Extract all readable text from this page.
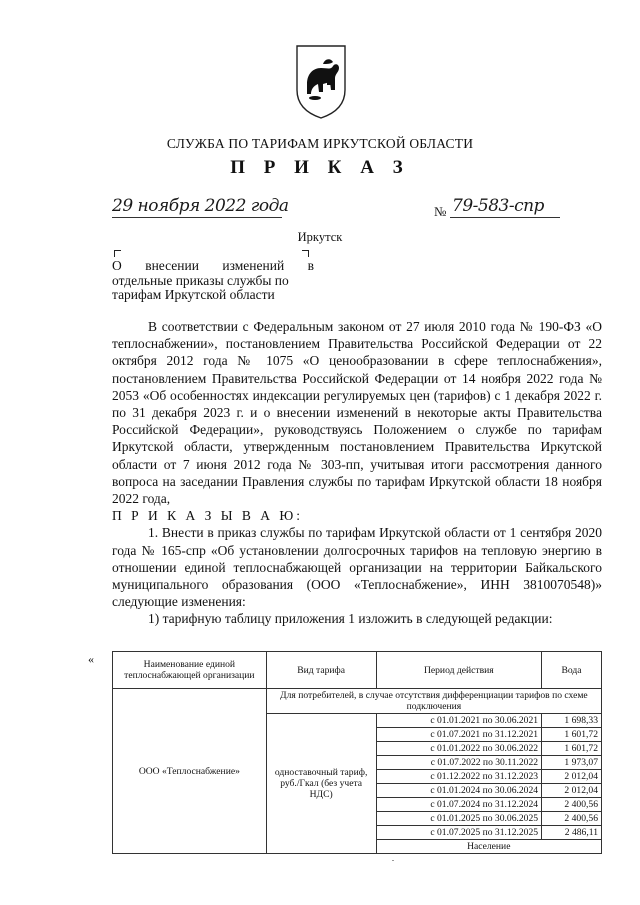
СЛУЖБА ПО ТАРИФАМ ИРКУТСКОЙ ОБЛАСТИ
П Р И К А З
29 ноября 2022 года	№ 79-583-спр
Иркутск
О внесении изменений в
отдельные приказы службы по
тарифам Иркутской области

В соответствии с Федеральным законом от 27 июля 2010 года № 190-ФЗ «О теплоснабжении», постановлением Правительства Российской Федерации от 22 октября 2012 года № 1075 «О ценообразовании в сфере теплоснабжения», постановлением Правительства Российской Федерации от 14 ноября 2022 года № 2053 «Об особенностях индексации регулируемых цен (тарифов) с 1 декабря 2022 г. по 31 декабря 2023 г. и о внесении изменений в некоторые акты Правительства Российской Федерации», руководствуясь Положением о службе по тарифам Иркутской области, утвержденным постановлением Правительства Иркутской области от 7 июня 2012 года № 303-пп, учитывая итоги рассмотрения данного вопроса на заседании Правления службы по тарифам Иркутской области 18 ноября 2022 года,

П Р И К А З Ы В А Ю:

1. Внести в приказ службы по тарифам Иркутской области от 1 сентября 2020 года № 165-спр «Об установлении долгосрочных тарифов на тепловую энергию в отношении единой теплоснабжающей организации на территории Байкальского муниципального образования (ООО «Теплоснабжение», ИНН 3810070548)» следующие изменения:

1) тарифную таблицу приложения 1 изложить в следующей редакции:

«	Наименование единой теплоснабжающей организации	Вид тарифа	Период действия	Вода
ООО «Теплоснабжение»	Для потребителей, в случае отсутствия дифференциации тарифов по схеме подключения		
	одноставочный тариф, руб./Гкал (без учета НДС)	с 01.01.2021 по 30.06.2021	1 698,33
		с 01.07.2021 по 31.12.2021	1 601,72
		с 01.01.2022 по 30.06.2022	1 601,72
		с 01.07.2022 по 30.11.2022	1 973,07
		с 01.12.2022 по 31.12.2023	2 012,04
		с 01.01.2024 по 30.06.2024	2 012,04
		с 01.07.2024 по 31.12.2024	2 400,56
		с 01.01.2025 по 30.06.2025	2 400,56
		с 01.07.2025 по 31.12.2025	2 486,11
		Население	
